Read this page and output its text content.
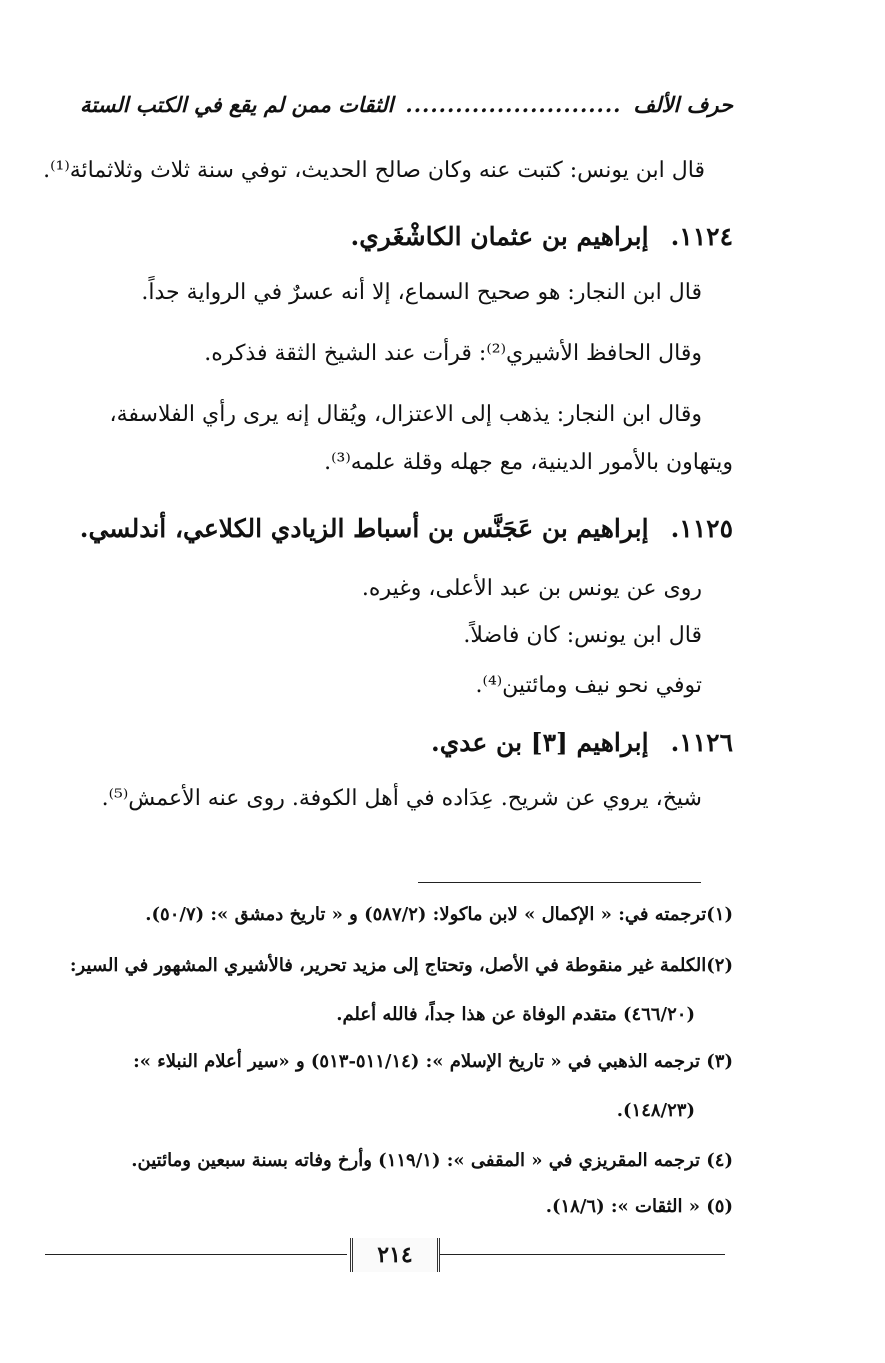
حرف الألف
..........................
الثقات ممن لم يقع في الكتب الستة
قال ابن يونس: كتبت عنه وكان صالح الحديث، توفي سنة ثلاث وثلاثمائة⁽¹⁾.
١١٢٤.إبراهيم بن عثمان الكاشْغَري.
قال ابن النجار: هو صحيح السماع، إلا أنه عسرٌ في الرواية جداً.
وقال الحافظ الأشيري⁽²⁾: قرأت عند الشيخ الثقة فذكره.
وقال ابن النجار: يذهب إلى الاعتزال، ويُقال إنه يرى رأي الفلاسفة،
ويتهاون بالأمور الدينية، مع جهله وقلة علمه⁽³⁾.
١١٢٥.إبراهيم بن عَجَنَّس بن أسباط الزيادي الكلاعي، أندلسي.
روى عن يونس بن عبد الأعلى، وغيره.
قال ابن يونس: كان فاضلاً.
توفي نحو نيف ومائتين⁽⁴⁾.
١١٢٦.إبراهيم [٣] بن عدي.
شيخ، يروي عن شريح. عِدَاده في أهل الكوفة. روى عنه الأعمش⁽⁵⁾.
(١)ترجمته في: « الإكمال » لابن ماكولا: (٥٨٧/٢) و « تاريخ دمشق »: (٥٠/٧).
(٢)الكلمة غير منقوطة في الأصل، وتحتاج إلى مزيد تحرير، فالأشيري المشهور في السير:
(٤٦٦/٢٠) متقدم الوفاة عن هذا جداً، فالله أعلم.
(٣) ترجمه الذهبي في « تاريخ الإسلام »: (٥١١/١٤-٥١٣) و «سير أعلام النبلاء »:
(١٤٨/٢٣).
(٤) ترجمه المقريزي في « المقفى »: (١١٩/١) وأرخ وفاته بسنة سبعين ومائتين.
(٥) « الثقات »: (١٨/٦).
٢١٤
